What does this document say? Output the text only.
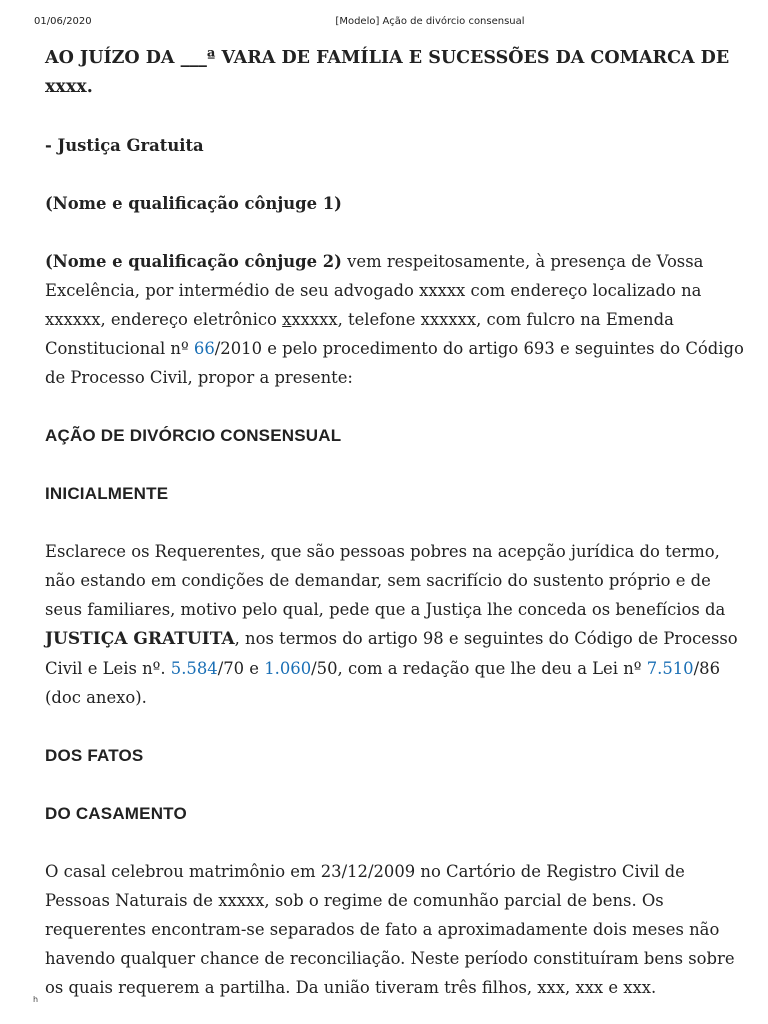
01/06/2020	[Modelo] Ação de divórcio consensual

AO JUÍZO DA ___ª VARA DE FAMÍLIA E SUCESSÕES DA COMARCA DE xxxx.

- Justiça Gratuita

(Nome e qualificação cônjuge 1)

(Nome e qualificação cônjuge 2) vem respeitosamente, à presença de Vossa Excelência, por intermédio de seu advogado xxxxx com endereço localizado na xxxxxx, endereço eletrônico xxxxxx, telefone xxxxxx, com fulcro na Emenda Constitucional nº 66/2010 e pelo procedimento do artigo 693 e seguintes do Código de Processo Civil, propor a presente:

AÇÃO DE DIVÓRCIO CONSENSUAL

INICIALMENTE

Esclarece os Requerentes, que são pessoas pobres na acepção jurídica do termo, não estando em condições de demandar, sem sacrifício do sustento próprio e de seus familiares, motivo pelo qual, pede que a Justiça lhe conceda os benefícios da JUSTIÇA GRATUITA, nos termos do artigo 98 e seguintes do Código de Processo Civil e Leis nº. 5.584/70 e 1.060/50, com a redação que lhe deu a Lei nº 7.510/86 (doc anexo).

DOS FATOS

DO CASAMENTO

O casal celebrou matrimônio em 23/12/2009 no Cartório de Registro Civil de Pessoas Naturais de xxxxx, sob o regime de comunhão parcial de bens. Os requerentes encontram-se separados de fato a aproximadamente dois meses não havendo qualquer chance de reconciliação. Neste período constituíram bens sobre os quais requerem a partilha. Da união tiveram três filhos, xxx, xxx e xxx.

h
